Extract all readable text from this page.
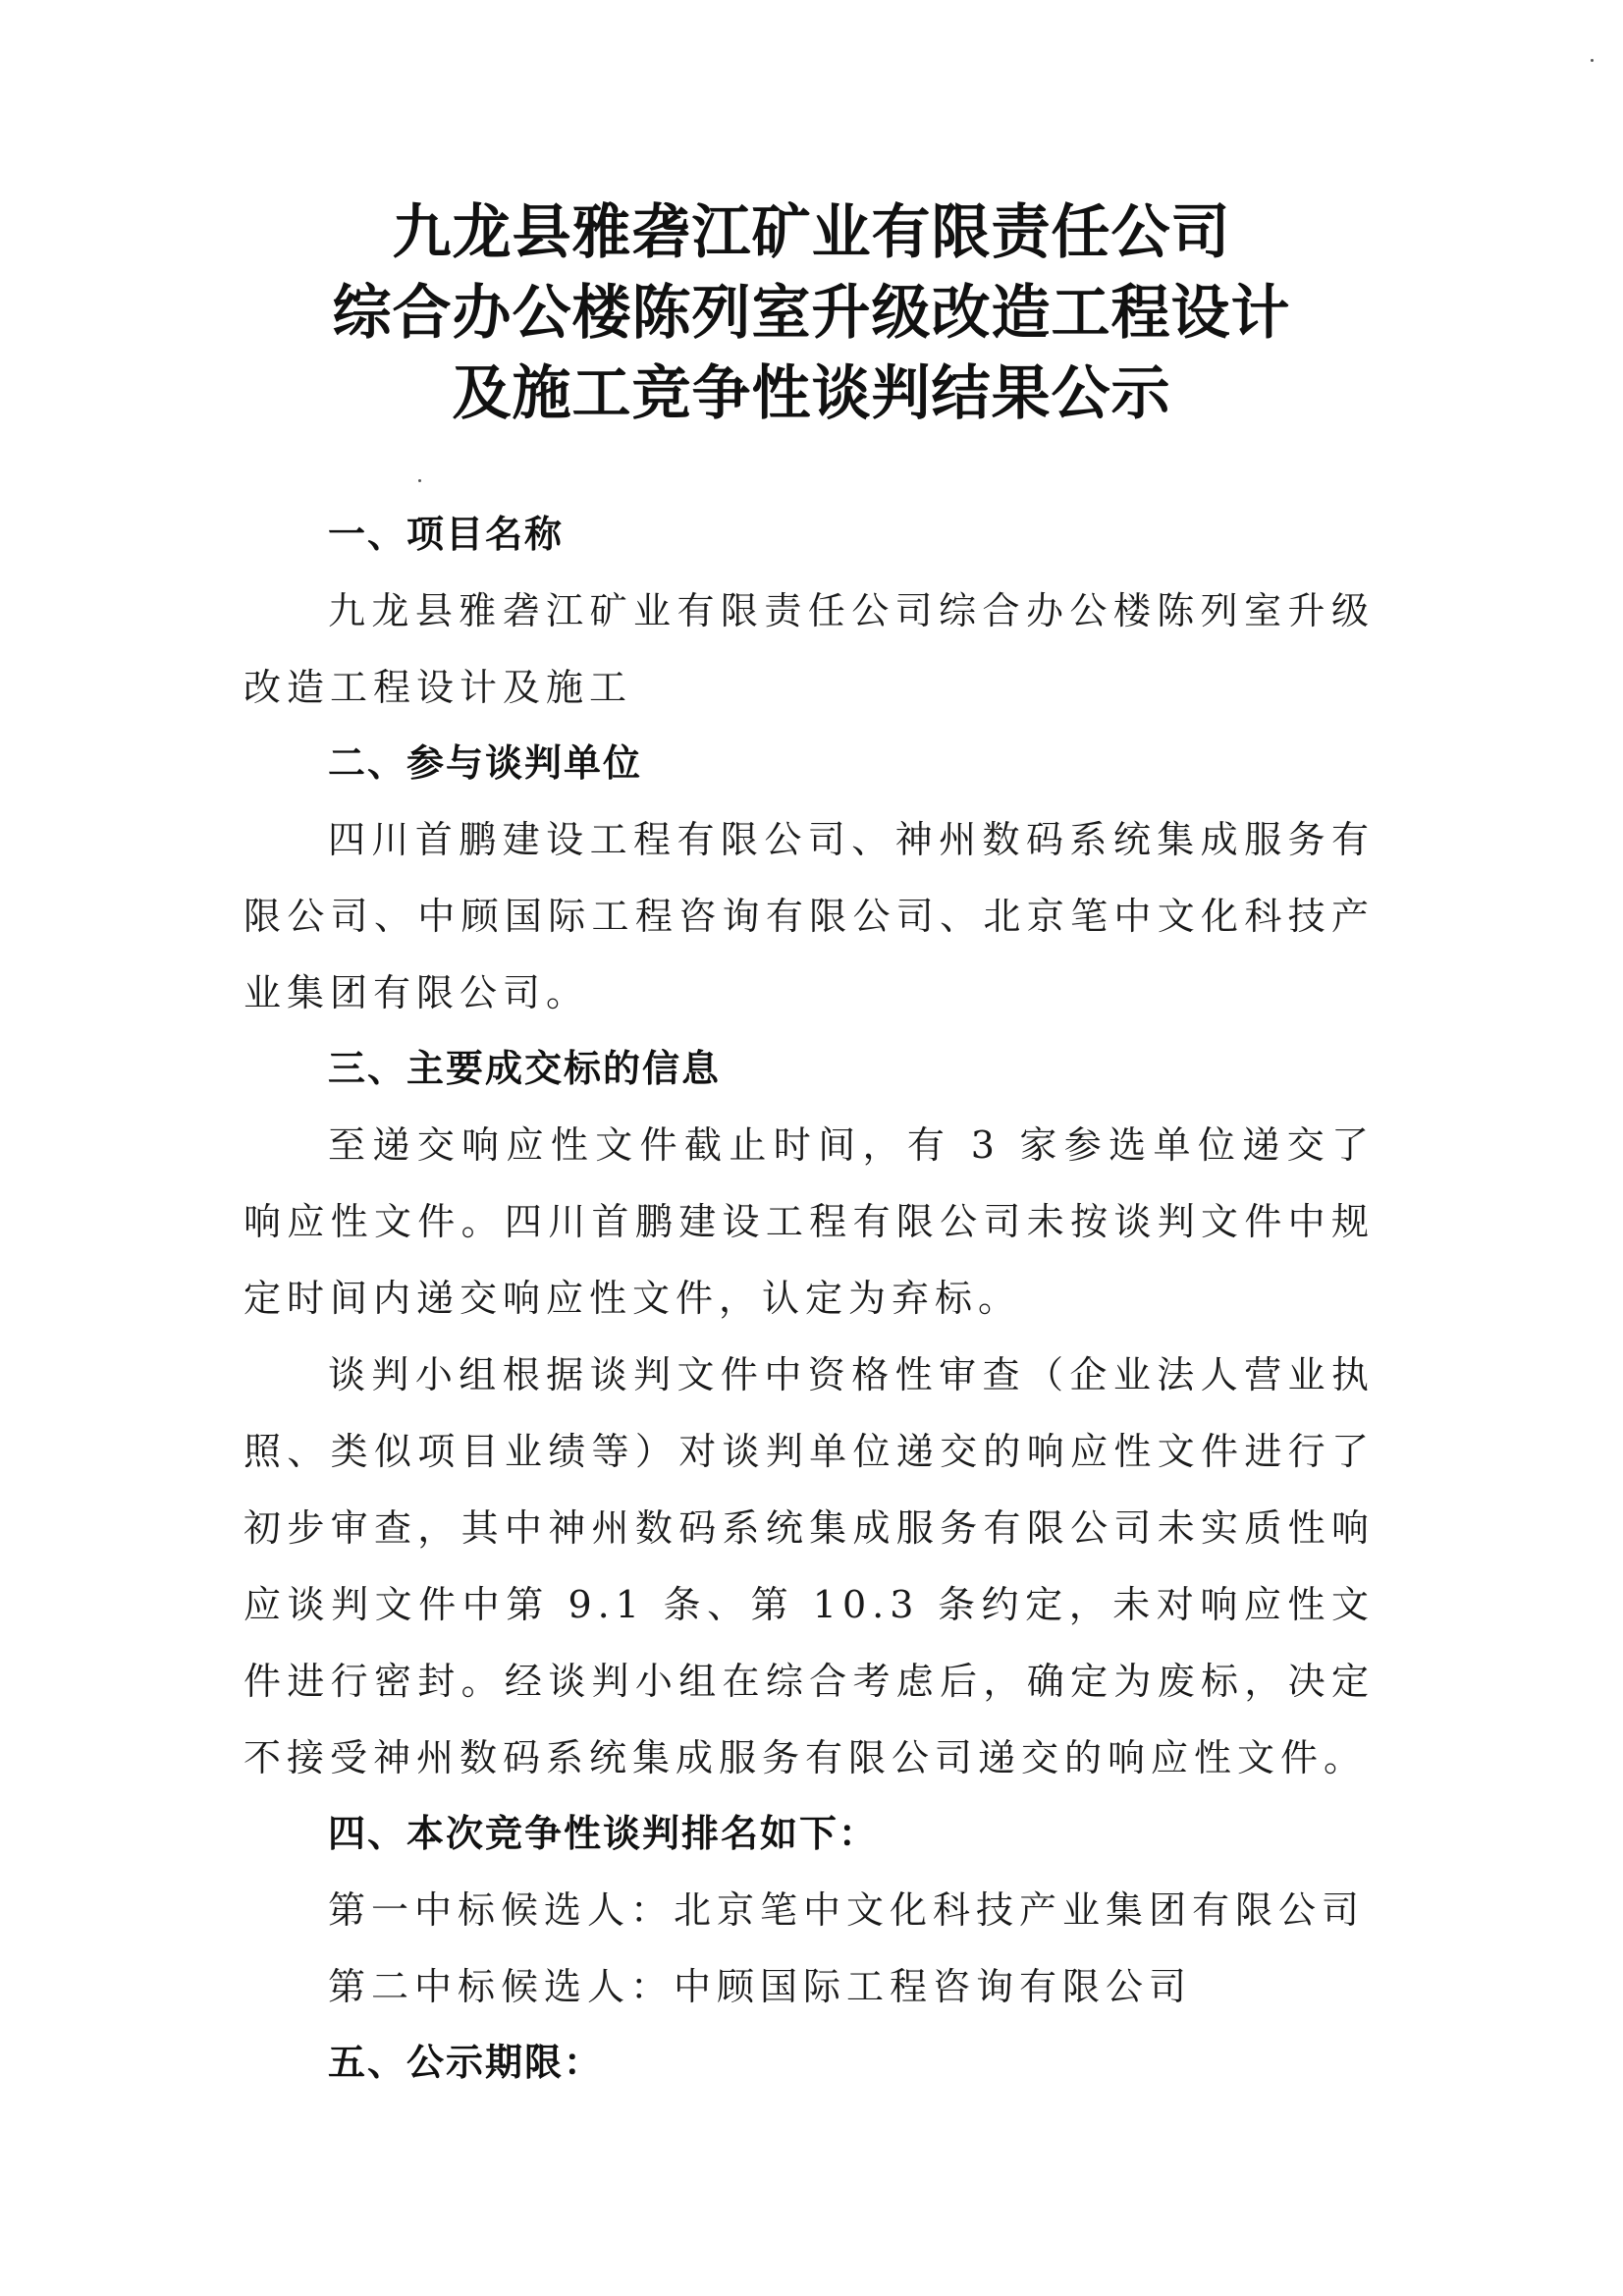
九龙县雅砻江矿业有限责任公司
综合办公楼陈列室升级改造工程设计
及施工竞争性谈判结果公示
一、项目名称

九龙县雅砻江矿业有限责任公司综合办公楼陈列室升级改造工程设计及施工

二、参与谈判单位

四川首鹏建设工程有限公司、神州数码系统集成服务有限公司、中顾国际工程咨询有限公司、北京笔中文化科技产业集团有限公司。

三、主要成交标的信息

至递交响应性文件截止时间，有 3 家参选单位递交了响应性文件。四川首鹏建设工程有限公司未按谈判文件中规定时间内递交响应性文件，认定为弃标。

谈判小组根据谈判文件中资格性审查（企业法人营业执照、类似项目业绩等）对谈判单位递交的响应性文件进行了初步审查，其中神州数码系统集成服务有限公司未实质性响应谈判文件中第 9.1 条、第 10.3 条约定，未对响应性文件进行密封。经谈判小组在综合考虑后，确定为废标，决定不接受神州数码系统集成服务有限公司递交的响应性文件。

四、本次竞争性谈判排名如下：
第一中标候选人：北京笔中文化科技产业集团有限公司
第二中标候选人：中顾国际工程咨询有限公司
五、公示期限：
